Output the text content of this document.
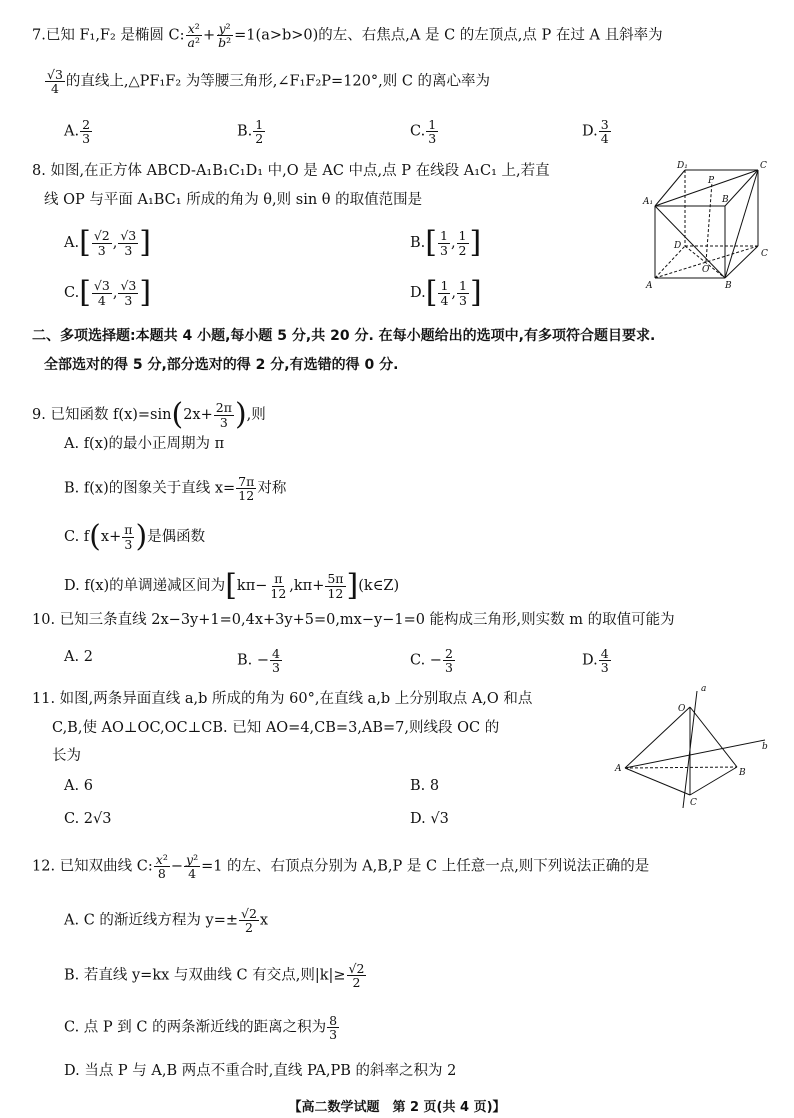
7.已知 F₁,F₂ 是椭圆 C: $\frac{\text{x²}}{\text{a²}} + \frac{\text{y²}}{\text{b²}} =1(a>b>0)$的左、右焦点,A 是 C 的左顶点,点 P 在过 A 且斜率为
$\frac{√3}{4}$ 的直线上,△PF₁F₂ 为等腰三角形,∠F₁F₂P=120°,则 C 的离心率为
A. $\frac{2}{3}$	B. $\frac{1}{2}$	C. $\frac{1}{3}$	D. $\frac{3}{4}$
8. 如图,在正方体 ABCD-A₁B₁C₁D₁ 中,O 是 AC 中点,点 P 在线段 A₁C₁ 上,若直
线 OP 与平面 A₁BC₁ 所成的角为 θ,则 sin θ 的取值范围是
$A.[ \frac{√2}{3}$ , $\frac{√3}{3}$ ]	$B.[ \frac{1}{3}$ , $\frac{1}{2}$ ]
$C.[ \frac{√3}{4}$ , $\frac{√3}{3}$ ]	$D.[ \frac{1}{4}$ , $\frac{1}{3}$ ]
D₁	C
A₁	B
P
D
C
A
O
B
二、多项选择题:本题共 4 小题,每小题 5 分,共 20 分. 在每小题给出的选项中,有多项符合题目要求.
全部选对的得 5 分,部分选对的得 2 分,有选错的得 0 分.
9. 已知函数 $f(x)=\sin(2x+ \frac{2\pi}{3}$ ),则
A. f(x)的最小正周期为 π
B. f(x)的图象关于直线 $x= \frac{7\pi}{12}$ 对称
C. $f(x+ \frac{\pi}{3}$ )是偶函数
D. f(x)的单调递减区间为[$k\pi- \frac{\pi}{12} ,k\pi+ \frac{5\pi}{12}$ ](k∈Z)
10. 已知三条直线 2x−3y+1=0,4x+3y+5=0,mx−y−1=0 能构成三角形,则实数 m 的取值可能为
A. 2	B. − $\frac{4}{3}$	C. − $\frac{2}{3}$	D. $\frac{4}{3}$
11. 如图,两条异面直线 a,b 所成的角为 60°,在直线 a,b 上分别取点 A,O 和点
C,B,使 AO⊥OC,OC⊥CB. 已知 AO=4,CB=3,AB=7,则线段 OC 的
长为
A. 6	B. 8
C. 2√3	D. √3
a
b
O
A	B
C
12. 已知双曲线 C: $\frac{\text{x²}}{8} - \frac{\text{y²}}{4} =1$ 的左、右顶点分别为 A,B,P 是 C 上任意一点,则下列说法正确的是
A. C 的渐近线方程为 $y=\pm \frac{√2}{2}$ x
B. 若直线 y=kx 与双曲线 C 有交点,则$|k|\ge \frac{√2}{2}$
C. 点 P 到 C 的两条渐近线的距离之积为 $\frac{8}{3}$
D. 当点 P 与 A,B 两点不重合时,直线 PA,PB 的斜率之积为 2
【高二数学试题　第 2 页(共 4 页)】
